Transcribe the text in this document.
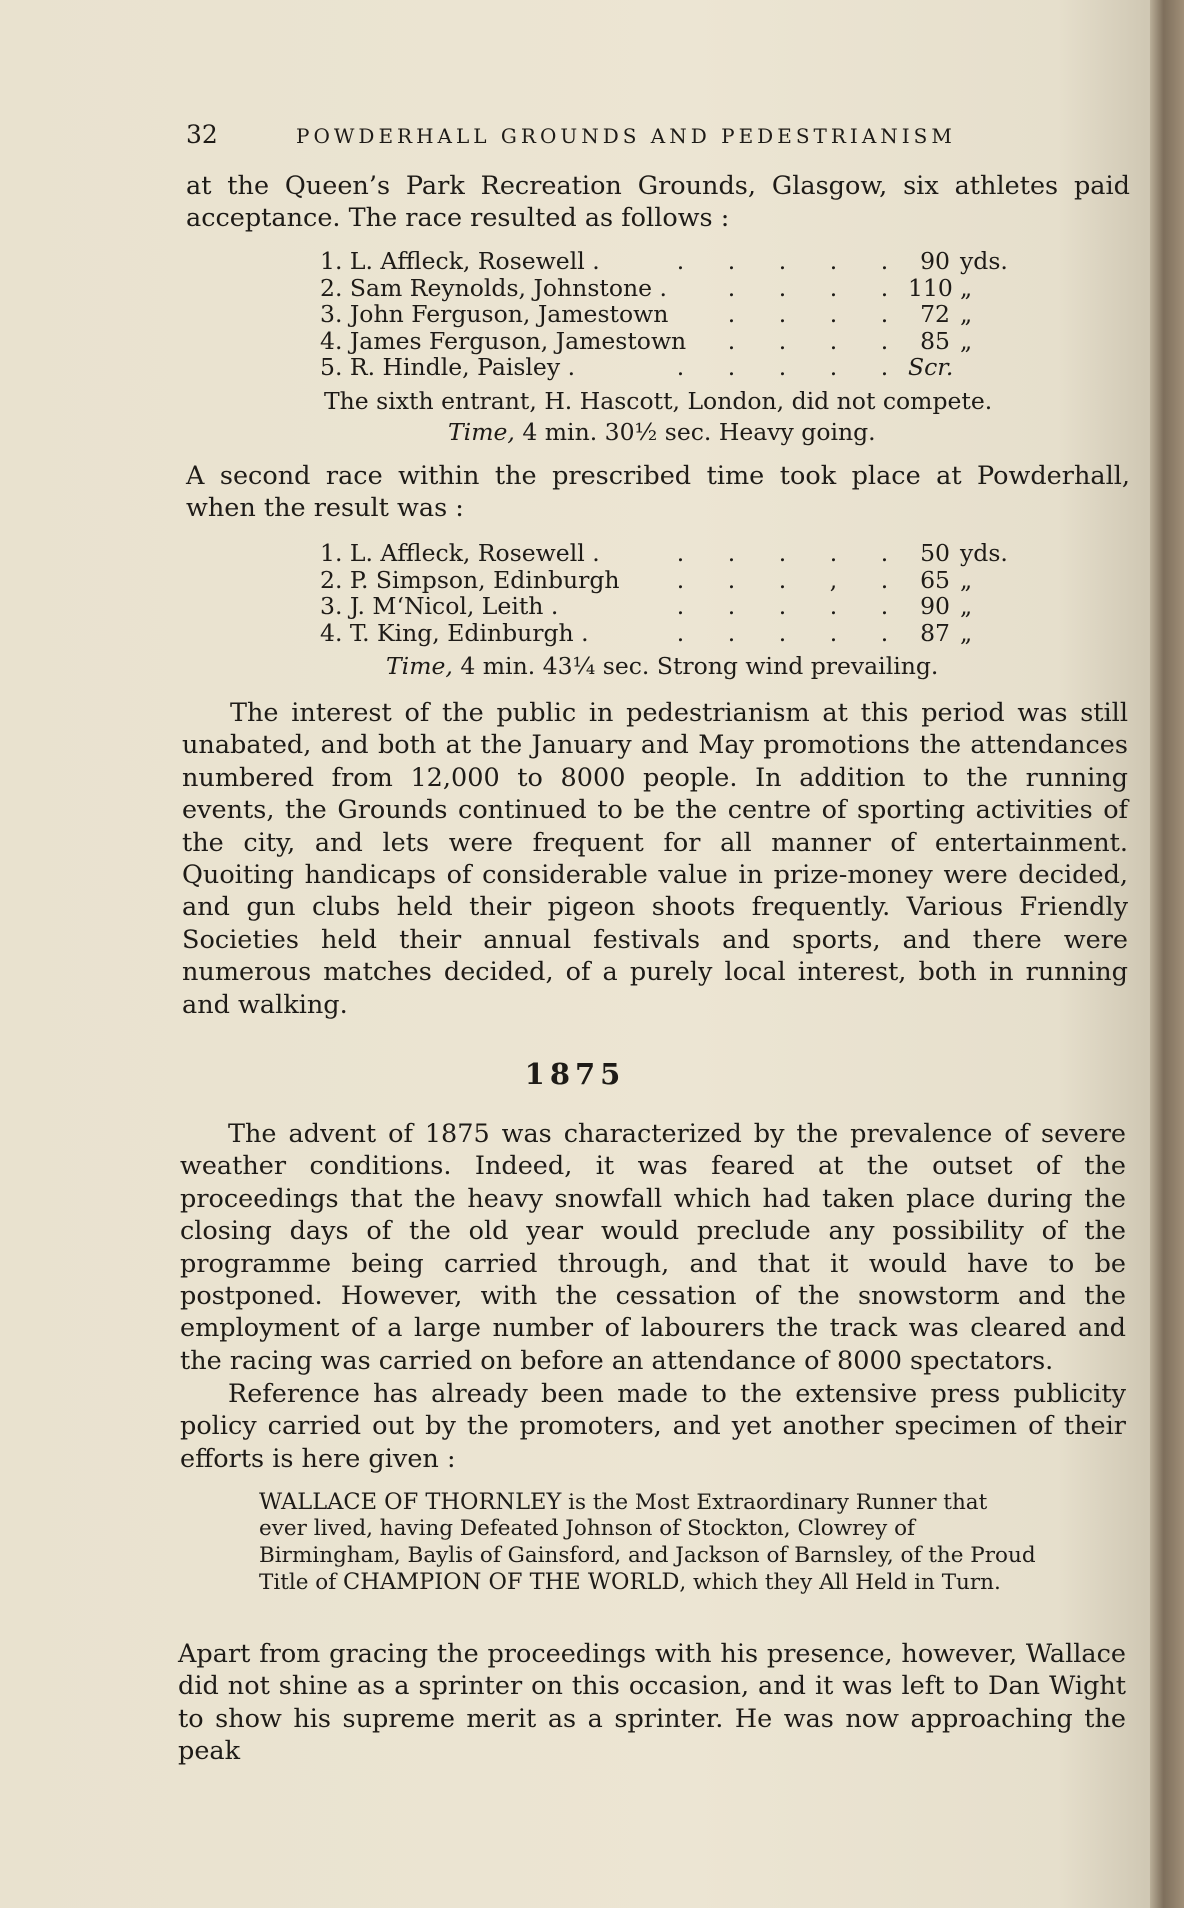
32	POWDERHALL GROUNDS AND PEDESTRIANISM

at the Queen’s Park Recreation Grounds, Glasgow, six athletes paid acceptance. The race resulted as follows :

1. L. Affleck, Rosewell .	. . . . .	90 yds.
2. Sam Reynolds, Johnstone .	. . . . 110 „
3. John Ferguson, Jamestown	. . . .	72 „
4. James Ferguson, Jamestown	. . . .	85 „
5. R. Hindle, Paisley .	. . . . . Scr.
The sixth entrant, H. Hascott, London, did not compete.
Time, 4 min. 30½ sec. Heavy going.

A second race within the prescribed time took place at Powderhall, when the result was :

1. L. Affleck, Rosewell .	. . . . .	50 yds.
2. P. Simpson, Edinburgh	. . . , .	65 „
3. J. M‘Nicol, Leith .	. . . . .	90 „
4. T. King, Edinburgh .	. . . . .	87 „
Time, 4 min. 43¼ sec. Strong wind prevailing.

The interest of the public in pedestrianism at this period was still unabated, and both at the January and May promotions the attendances numbered from 12,000 to 8000 people. In addition to the running events, the Grounds continued to be the centre of sporting activities of the city, and lets were frequent for all manner of entertainment. Quoiting handicaps of considerable value in prize-money were decided, and gun clubs held their pigeon shoots frequently. Various Friendly Societies held their annual festivals and sports, and there were numerous matches decided, of a purely local interest, both in running and walking.

1875

The advent of 1875 was characterized by the prevalence of severe weather conditions. Indeed, it was feared at the outset of the proceedings that the heavy snowfall which had taken place during the closing days of the old year would preclude any possibility of the programme being carried through, and that it would have to be postponed. However, with the cessation of the snowstorm and the employment of a large number of labourers the track was cleared and the racing was carried on before an attendance of 8000 spectators.

Reference has already been made to the extensive press publicity policy carried out by the promoters, and yet another specimen of their efforts is here given :

WALLACE OF THORNLEY is the Most Extraordinary Runner that ever lived, having Defeated Johnson of Stockton, Clowrey of Birmingham, Baylis of Gainsford, and Jackson of Barnsley, of the Proud Title of CHAMPION OF THE WORLD, which they All Held in Turn.

Apart from gracing the proceedings with his presence, however, Wallace did not shine as a sprinter on this occasion, and it was left to Dan Wight to show his supreme merit as a sprinter. He was now approaching the peak
